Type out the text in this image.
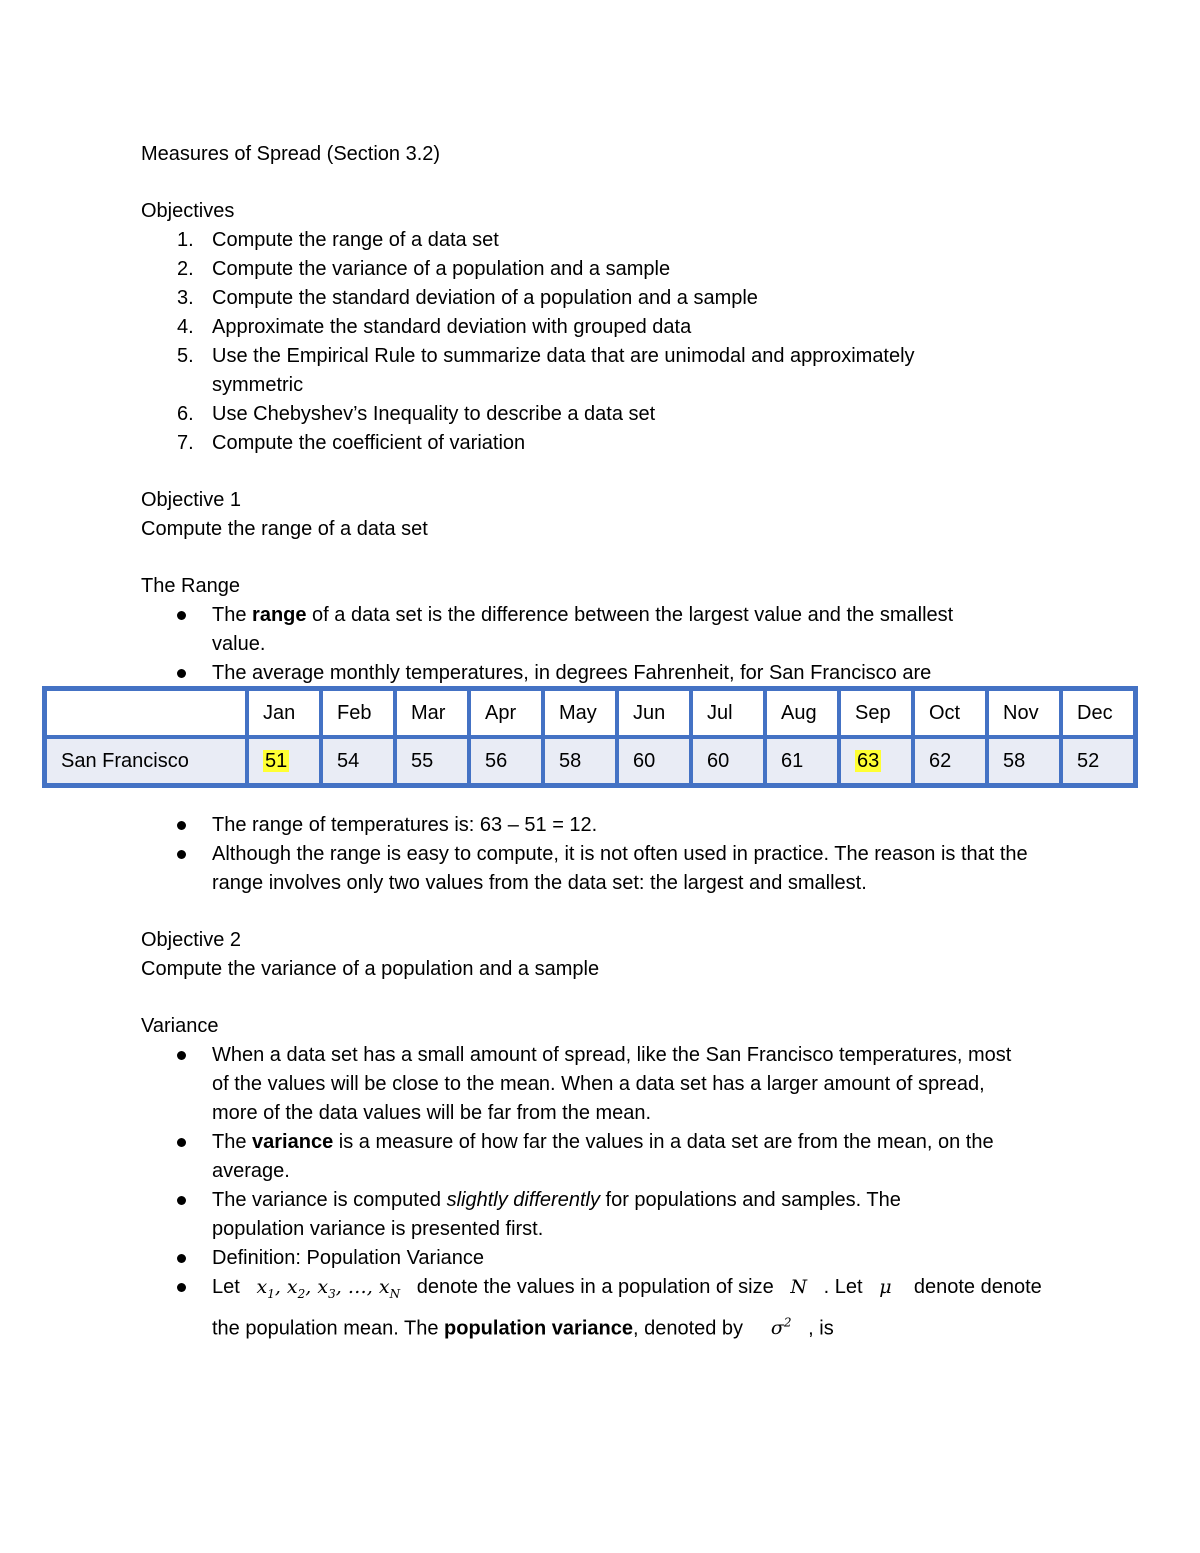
Measures of Spread (Section 3.2)
Objectives
1. Compute the range of a data set
2. Compute the variance of a population and a sample
3. Compute the standard deviation of a population and a sample
4. Approximate the standard deviation with grouped data
5. Use the Empirical Rule to summarize data that are unimodal and approximately symmetric
6. Use Chebyshev’s Inequality to describe a data set
7. Compute the coefficient of variation
Objective 1
Compute the range of a data set
The Range
The range of a data set is the difference between the largest value and the smallest value.
The average monthly temperatures, in degrees Fahrenheit, for San Francisco are
	Jan	Feb	Mar	Apr	May	Jun	Jul	Aug	Sep	Oct	Nov	Dec
San Francisco	51	54	55	56	58	60	60	61	63	62	58	52
The range of temperatures is: 63 – 51 = 12.
Although the range is easy to compute, it is not often used in practice. The reason is that the range involves only two values from the data set: the largest and smallest.
Objective 2
Compute the variance of a population and a sample
Variance
When a data set has a small amount of spread, like the San Francisco temperatures, most of the values will be close to the mean. When a data set has a larger amount of spread, more of the data values will be far from the mean.
The variance is a measure of how far the values in a data set are from the mean, on the average.
The variance is computed slightly differently for populations and samples. The population variance is presented first.
Definition: Population Variance
Let $x_1$, $x_2$, $x_3$, …, $x_N$ denote the values in a population of size N . Let μ    denote denote the population mean. The population variance, denoted by $\sigma^2$ , is
